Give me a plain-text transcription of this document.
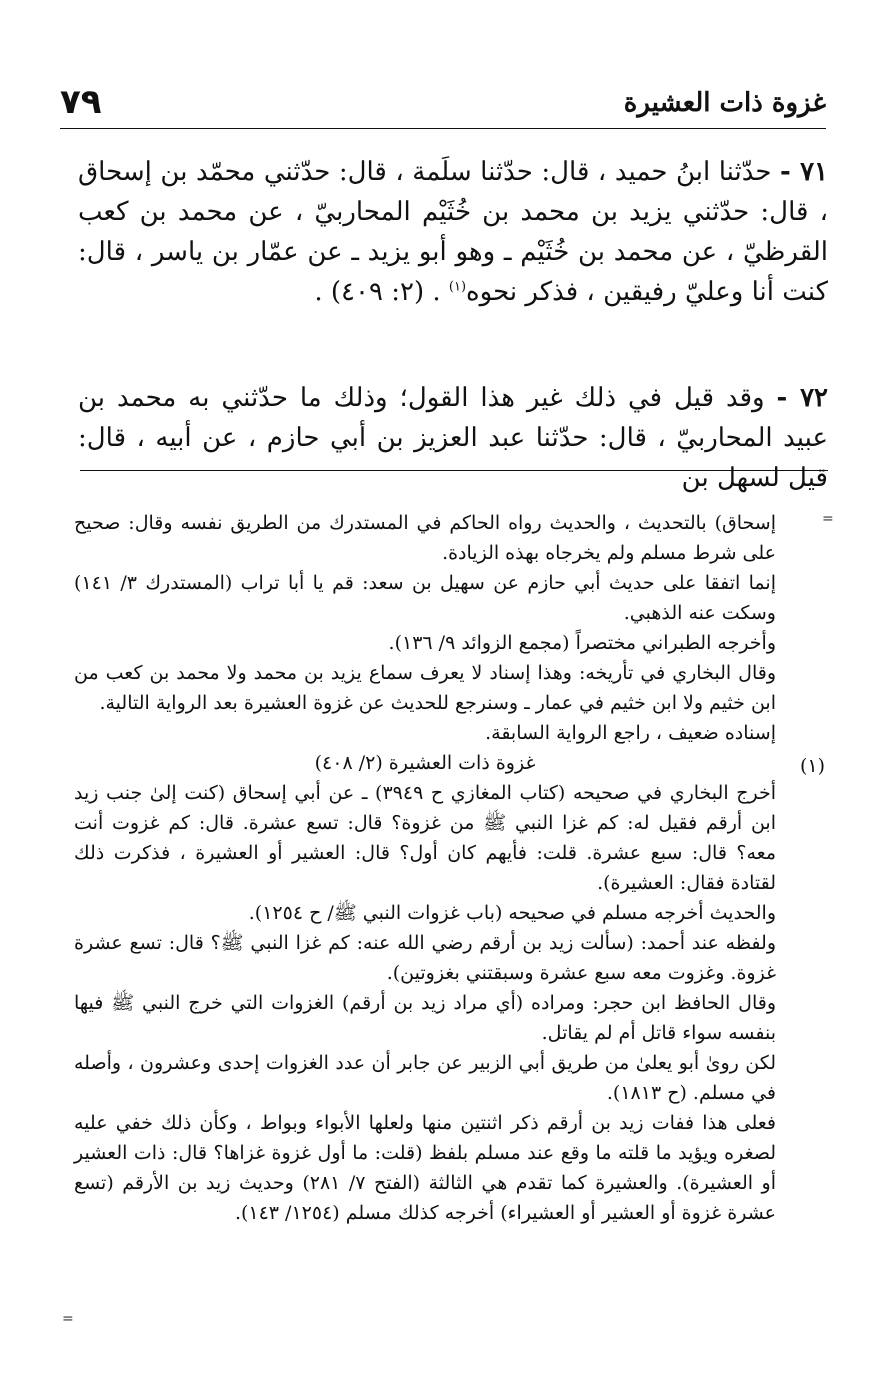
٧٩	غزوة ذات العشيرة

٧١ - حدّثنا ابنُ حميد ، قال: حدّثنا سلَمة ، قال: حدّثني محمّد بن إسحاق ، قال: حدّثني يزيد بن محمد بن خُثَيْم المحاربيّ ، عن محمد بن كعب القرظيّ ، عن محمد بن خُثَيْم ـ وهو أبو يزيد ـ عن عمّار بن ياسر ، قال: كنت أنا وعليّ رفيقين ، فذكر نحوه$^{(١)}$ . (٢: ٤٠٩) .

٧٢ - وقد قيل في ذلك غير هذا القول؛ وذلك ما حدّثني به محمد بن عبيد المحاربيّ ، قال: حدّثنا عبد العزيز بن أبي حازم ، عن أبيه ، قال: قيل لسهل بن

=
=
(١)

إسحاق) بالتحديث ، والحديث رواه الحاكم في المستدرك من الطريق نفسه وقال: صحيح على شرط مسلم ولم يخرجاه بهذه الزيادة.

إنما اتفقا على حديث أبي حازم عن سهيل بن سعد: قم يا أبا تراب (المستدرك ٣/ ١٤١) وسكت عنه الذهبي.

وأخرجه الطبراني مختصراً (مجمع الزوائد ٩/ ١٣٦).

وقال البخاري في تأريخه: وهذا إسناد لا يعرف سماع يزيد بن محمد ولا محمد بن كعب من ابن خثيم ولا ابن خثيم في عمار ـ وسنرجع للحديث عن غزوة العشيرة بعد الرواية التالية.

إسناده ضعيف ، راجع الرواية السابقة.

غزوة ذات العشيرة (٢/ ٤٠٨)

أخرج البخاري في صحيحه (كتاب المغازي ح ٣٩٤٩) ـ عن أبي إسحاق (كنت إلىٰ جنب زيد ابن أرقم فقيل له: كم غزا النبي ﷺ من غزوة؟ قال: تسع عشرة. قال: كم غزوت أنت معه؟ قال: سبع عشرة. قلت: فأيهم كان أول؟ قال: العشير أو العشيرة ، فذكرت ذلك لقتادة فقال: العشيرة).

والحديث أخرجه مسلم في صحيحه (باب غزوات النبي ﷺ/ ح ١٢٥٤).

ولفظه عند أحمد: (سألت زيد بن أرقم رضي الله عنه: كم غزا النبي ﷺ؟ قال: تسع عشرة غزوة. وغزوت معه سبع عشرة وسبقتني بغزوتين).

وقال الحافظ ابن حجر: ومراده (أي مراد زيد بن أرقم) الغزوات التي خرج النبي ﷺ فيها بنفسه سواء قاتل أم لم يقاتل.

لكن روىٰ أبو يعلىٰ من طريق أبي الزبير عن جابر أن عدد الغزوات إحدى وعشرون ، وأصله في مسلم. (ح ١٨١٣).

فعلى هذا ففات زيد بن أرقم ذكر اثنتين منها ولعلها الأبواء وبواط ، وكأن ذلك خفي عليه لصغره ويؤيد ما قلته ما وقع عند مسلم بلفظ (قلت: ما أول غزوة غزاها؟ قال: ذات العشير أو العشيرة). والعشيرة كما تقدم هي الثالثة (الفتح ٧/ ٢٨١) وحديث زيد بن الأرقم (تسع عشرة غزوة أو العشير أو العشيراء) أخرجه كذلك مسلم (١٢٥٤/ ١٤٣).
